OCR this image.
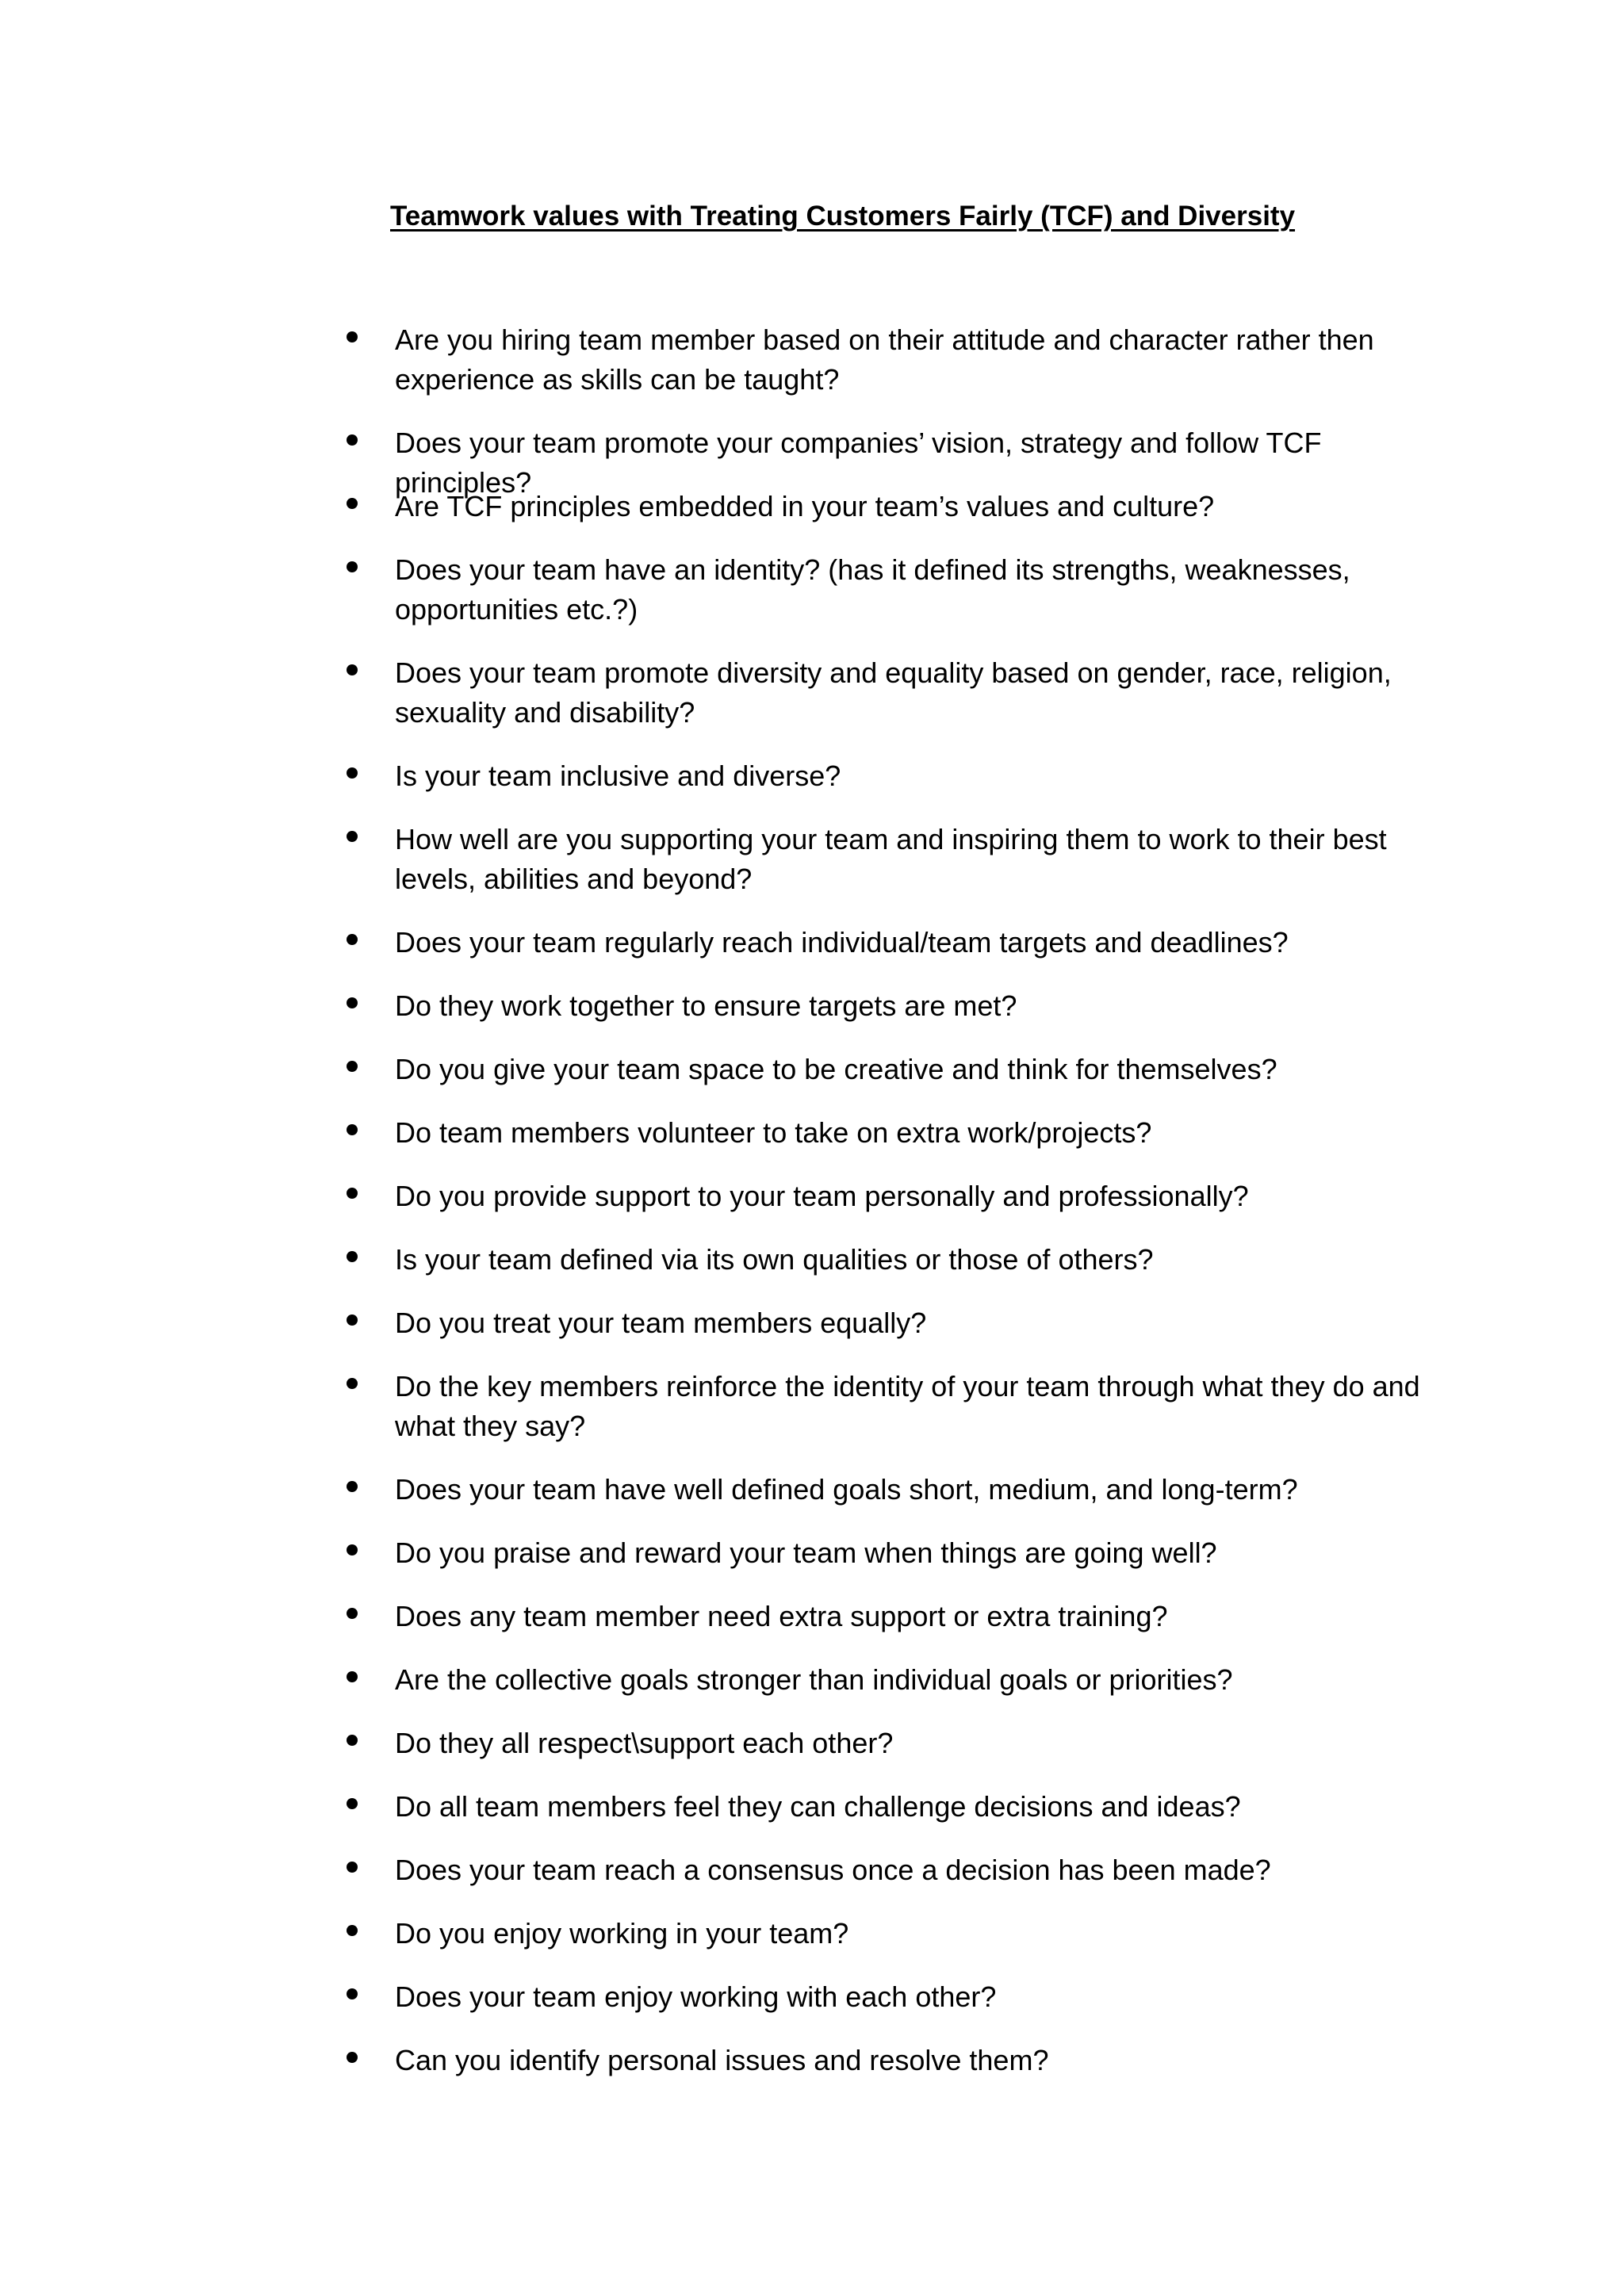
Teamwork values with Treating Customers Fairly (TCF) and Diversity

Are you hiring team member based on their attitude and character rather then experience as skills can be taught?

Does your team promote your companies’ vision, strategy and follow TCF principles?

Are TCF principles embedded in your team’s values and culture?

Does your team have an identity? (has it defined its strengths, weaknesses, opportunities etc.?)

Does your team promote diversity and equality based on gender, race, religion, sexuality and disability?

Is your team inclusive and diverse?

How well are you supporting your team and inspiring them to work to their best levels, abilities and beyond?

Does your team regularly reach individual/team targets and deadlines?

Do they work together to ensure targets are met?

Do you give your team space to be creative and think for themselves?

Do team members volunteer to take on extra work/projects?

Do you provide support to your team personally and professionally?

Is your team defined via its own qualities or those of others?

Do you treat your team members equally?

Do the key members reinforce the identity of your team through what they do and what they say?

Does your team have well defined goals short, medium, and long-term?

Do you praise and reward your team when things are going well?

Does any team member need extra support or extra training?

Are the collective goals stronger than individual goals or priorities?

Do they all respect\support each other?

Do all team members feel they can challenge decisions and ideas?

Does your team reach a consensus once a decision has been made?

Do you enjoy working in your team?

Does your team enjoy working with each other?

Can you identify personal issues and resolve them?
